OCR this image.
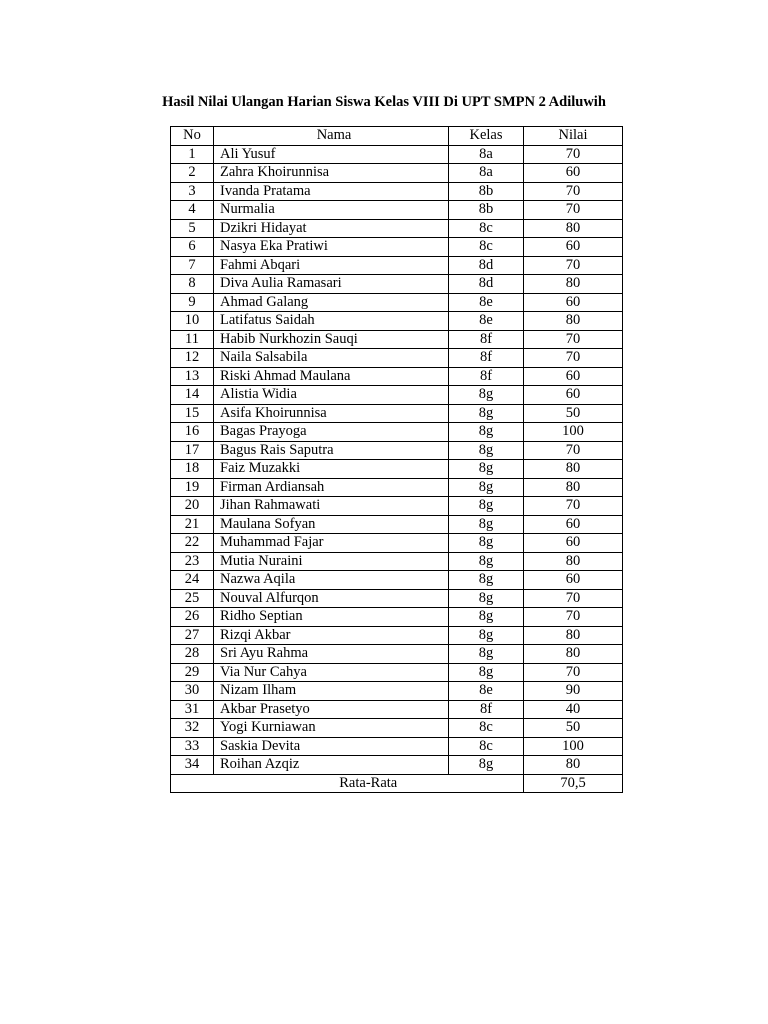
Hasil Nilai Ulangan Harian Siswa Kelas VIII Di UPT SMPN 2 Adiluwih
No	Nama	Kelas	Nilai
1	Ali Yusuf	8a	70
2	Zahra Khoirunnisa	8a	60
3	Ivanda Pratama	8b	70
4	Nurmalia	8b	70
5	Dzikri Hidayat	8c	80
6	Nasya Eka Pratiwi	8c	60
7	Fahmi Abqari	8d	70
8	Diva Aulia Ramasari	8d	80
9	Ahmad Galang	8e	60
10	Latifatus Saidah	8e	80
11	Habib Nurkhozin Sauqi	8f	70
12	Naila Salsabila	8f	70
13	Riski Ahmad Maulana	8f	60
14	Alistia Widia	8g	60
15	Asifa Khoirunnisa	8g	50
16	Bagas Prayoga	8g	100
17	Bagus Rais Saputra	8g	70
18	Faiz Muzakki	8g	80
19	Firman Ardiansah	8g	80
20	Jihan Rahmawati	8g	70
21	Maulana Sofyan	8g	60
22	Muhammad Fajar	8g	60
23	Mutia Nuraini	8g	80
24	Nazwa Aqila	8g	60
25	Nouval Alfurqon	8g	70
26	Ridho Septian	8g	70
27	Rizqi Akbar	8g	80
28	Sri Ayu Rahma	8g	80
29	Via Nur Cahya	8g	70
30	Nizam Ilham	8e	90
31	Akbar Prasetyo	8f	40
32	Yogi Kurniawan	8c	50
33	Saskia Devita	8c	100
34	Roihan Azqiz	8g	80
	Rata-Rata		70,5
